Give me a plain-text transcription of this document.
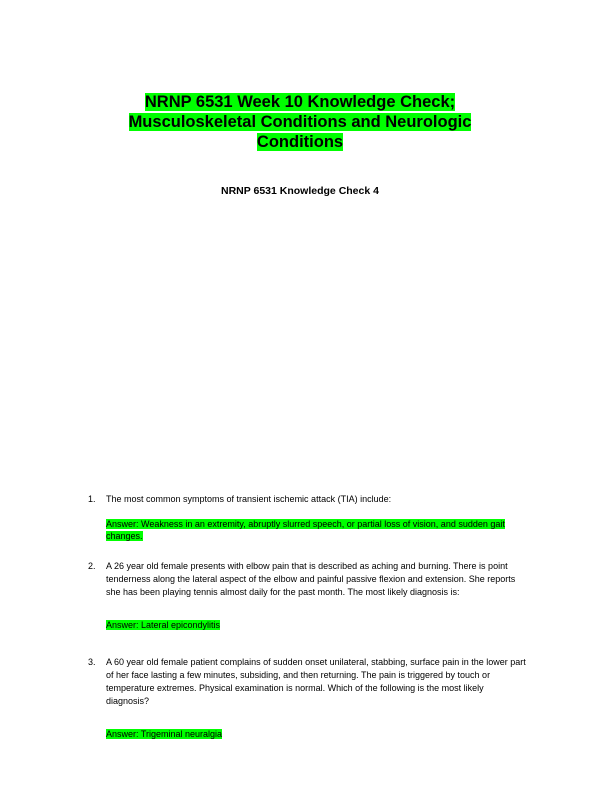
NRNP 6531 Week 10 Knowledge Check;
Musculoskeletal Conditions and Neurologic
Conditions
NRNP 6531 Knowledge Check 4
1.	The most common symptoms of transient ischemic attack (TIA) include:
Answer: Weakness in an extremity, abruptly slurred speech, or partial loss of vision, and sudden gait changes.
2.	A 26 year old female presents with elbow pain that is described as aching and burning. There is point tenderness along the lateral aspect of the elbow and painful passive flexion and extension. She reports she has been playing tennis almost daily for the past month. The most likely diagnosis is:
Answer: Lateral epicondylitis
3.	A 60 year old female patient complains of sudden onset unilateral, stabbing, surface pain in the lower part of her face lasting a few minutes, subsiding, and then returning. The pain is triggered by touch or temperature extremes. Physical examination is normal. Which of the following is the most likely diagnosis?
Answer: Trigeminal neuralgia
